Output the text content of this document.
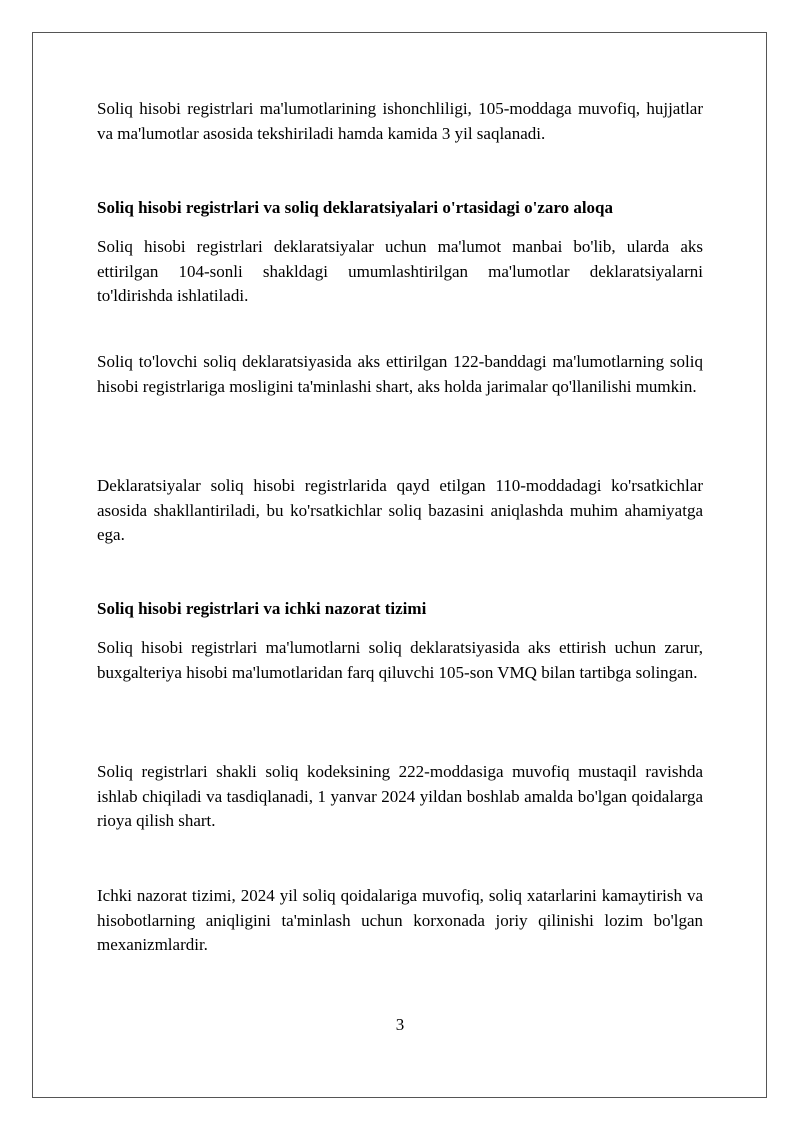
Soliq hisobi registrlari ma'lumotlarining ishonchliligi, 105-moddaga muvofiq, hujjatlar va ma'lumotlar asosida tekshiriladi hamda kamida 3 yil saqlanadi.

Soliq hisobi registrlari va soliq deklaratsiyalari o'rtasidagi o'zaro aloqa

Soliq hisobi registrlari deklaratsiyalar uchun ma'lumot manbai bo'lib, ularda aks ettirilgan 104-sonli shakldagi umumlashtirilgan ma'lumotlar deklaratsiyalarni to'ldirishda ishlatiladi.

Soliq to'lovchi soliq deklaratsiyasida aks ettirilgan 122-banddagi ma'lumotlarning soliq hisobi registrlariga mosligini ta'minlashi shart, aks holda jarimalar qo'llanilishi mumkin.

Deklaratsiyalar soliq hisobi registrlarida qayd etilgan 110-moddadagi ko'rsatkichlar asosida shakllantiriladi, bu ko'rsatkichlar soliq bazasini aniqlashda muhim ahamiyatga ega.

Soliq hisobi registrlari va ichki nazorat tizimi

Soliq hisobi registrlari ma'lumotlarni soliq deklaratsiyasida aks ettirish uchun zarur, buxgalteriya hisobi ma'lumotlaridan farq qiluvchi 105-son VMQ bilan tartibga solingan.

Soliq registrlari shakli soliq kodeksining 222-moddasiga muvofiq mustaqil ravishda ishlab chiqiladi va tasdiqlanadi, 1 yanvar 2024 yildan boshlab amalda bo'lgan qoidalarga rioya qilish shart.

Ichki nazorat tizimi, 2024 yil soliq qoidalariga muvofiq, soliq xatarlarini kamaytirish va hisobotlarning aniqligini ta'minlash uchun korxonada joriy qilinishi lozim bo'lgan mexanizmlardir.

3
